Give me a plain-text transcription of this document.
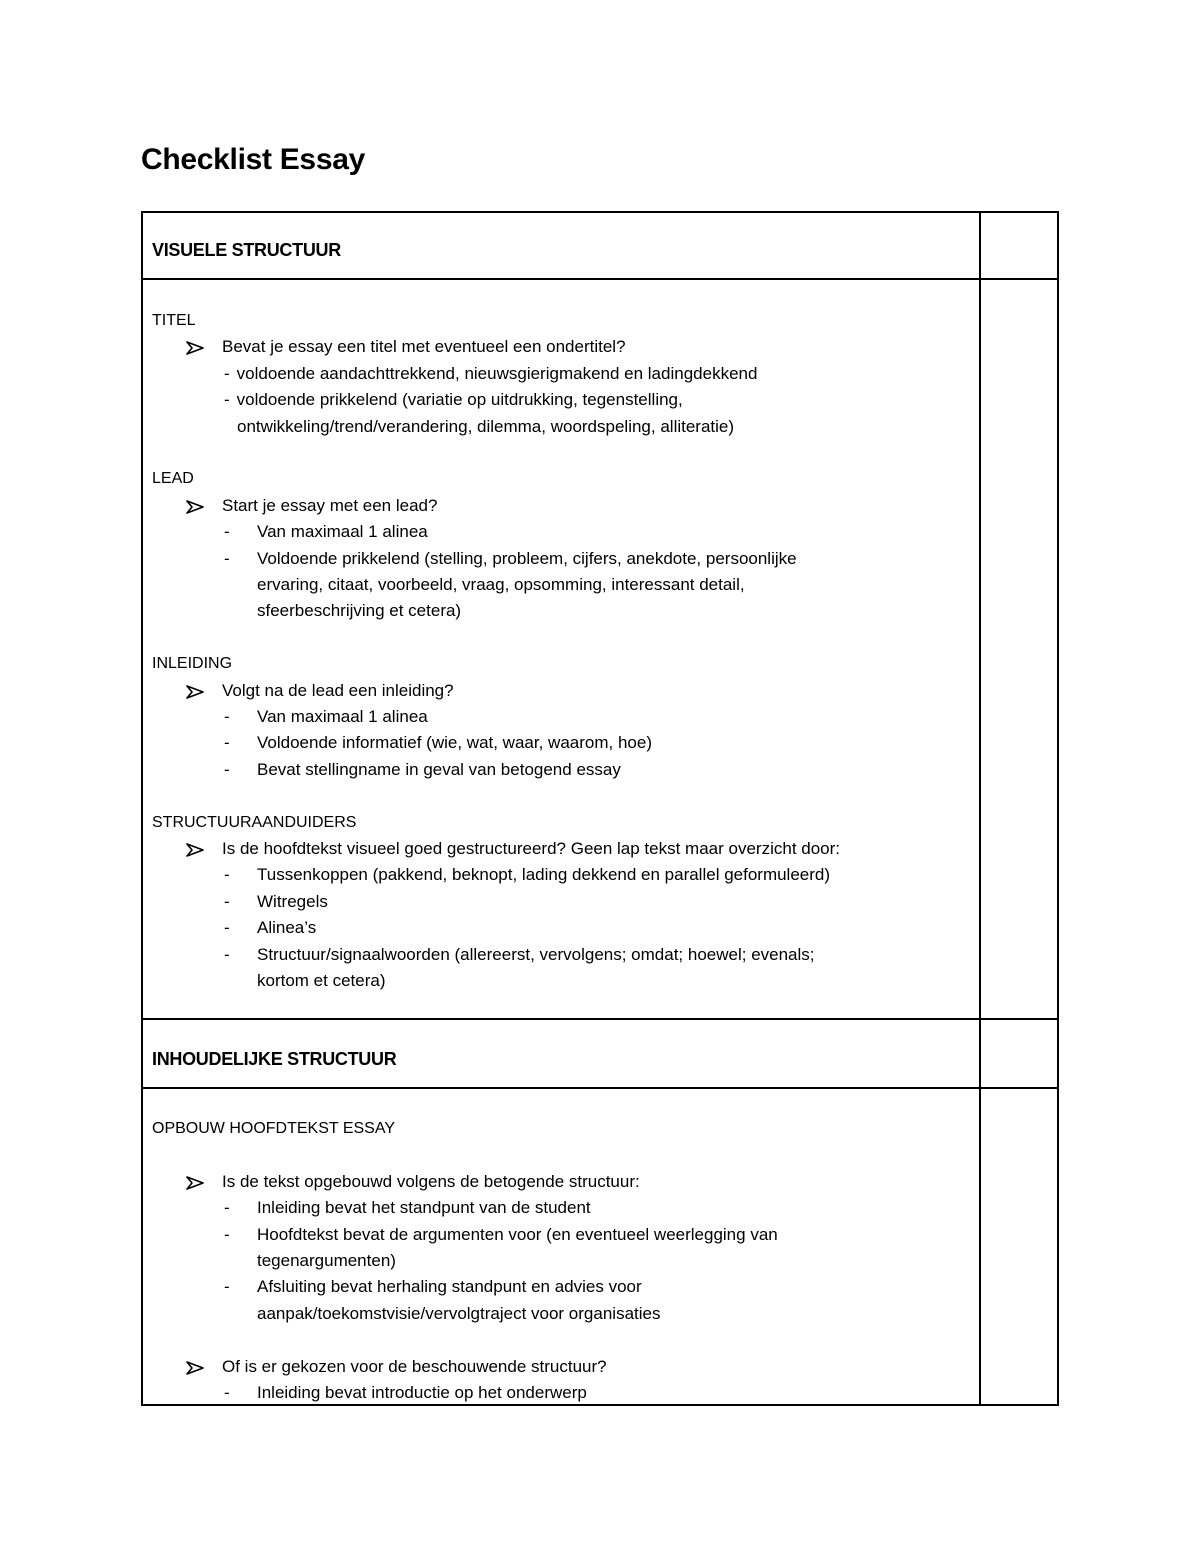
Checklist Essay
VISUELE STRUCTUUR
TITEL
Bevat je essay een titel met eventueel een ondertitel?
- voldoende aandachttrekkend, nieuwsgierigmakend en ladingdekkend
- voldoende prikkelend (variatie op uitdrukking, tegenstelling,
ontwikkeling/trend/verandering, dilemma, woordspeling, alliteratie)
LEAD
Start je essay met een lead?
- Van maximaal 1 alinea
- Voldoende prikkelend (stelling, probleem, cijfers, anekdote, persoonlijke
ervaring, citaat, voorbeeld, vraag, opsomming, interessant detail,
sfeerbeschrijving et cetera)
INLEIDING
Volgt na de lead een inleiding?
- Van maximaal 1 alinea
- Voldoende informatief (wie, wat, waar, waarom, hoe)
- Bevat stellingname in geval van betogend essay
STRUCTUURAANDUIDERS
Is de hoofdtekst visueel goed gestructureerd? Geen lap tekst maar overzicht door:
- Tussenkoppen (pakkend, beknopt, lading dekkend en parallel geformuleerd)
- Witregels
- Alinea’s
- Structuur/signaalwoorden (allereerst, vervolgens; omdat; hoewel; evenals;
kortom et cetera)
INHOUDELIJKE STRUCTUUR
OPBOUW HOOFDTEKST ESSAY
Is de tekst opgebouwd volgens de betogende structuur:
- Inleiding bevat het standpunt van de student
- Hoofdtekst bevat de argumenten voor (en eventueel weerlegging van
tegenargumenten)
- Afsluiting bevat herhaling standpunt en advies voor
aanpak/toekomstvisie/vervolgtraject voor organisaties
Of is er gekozen voor de beschouwende structuur?
- Inleiding bevat introductie op het onderwerp
